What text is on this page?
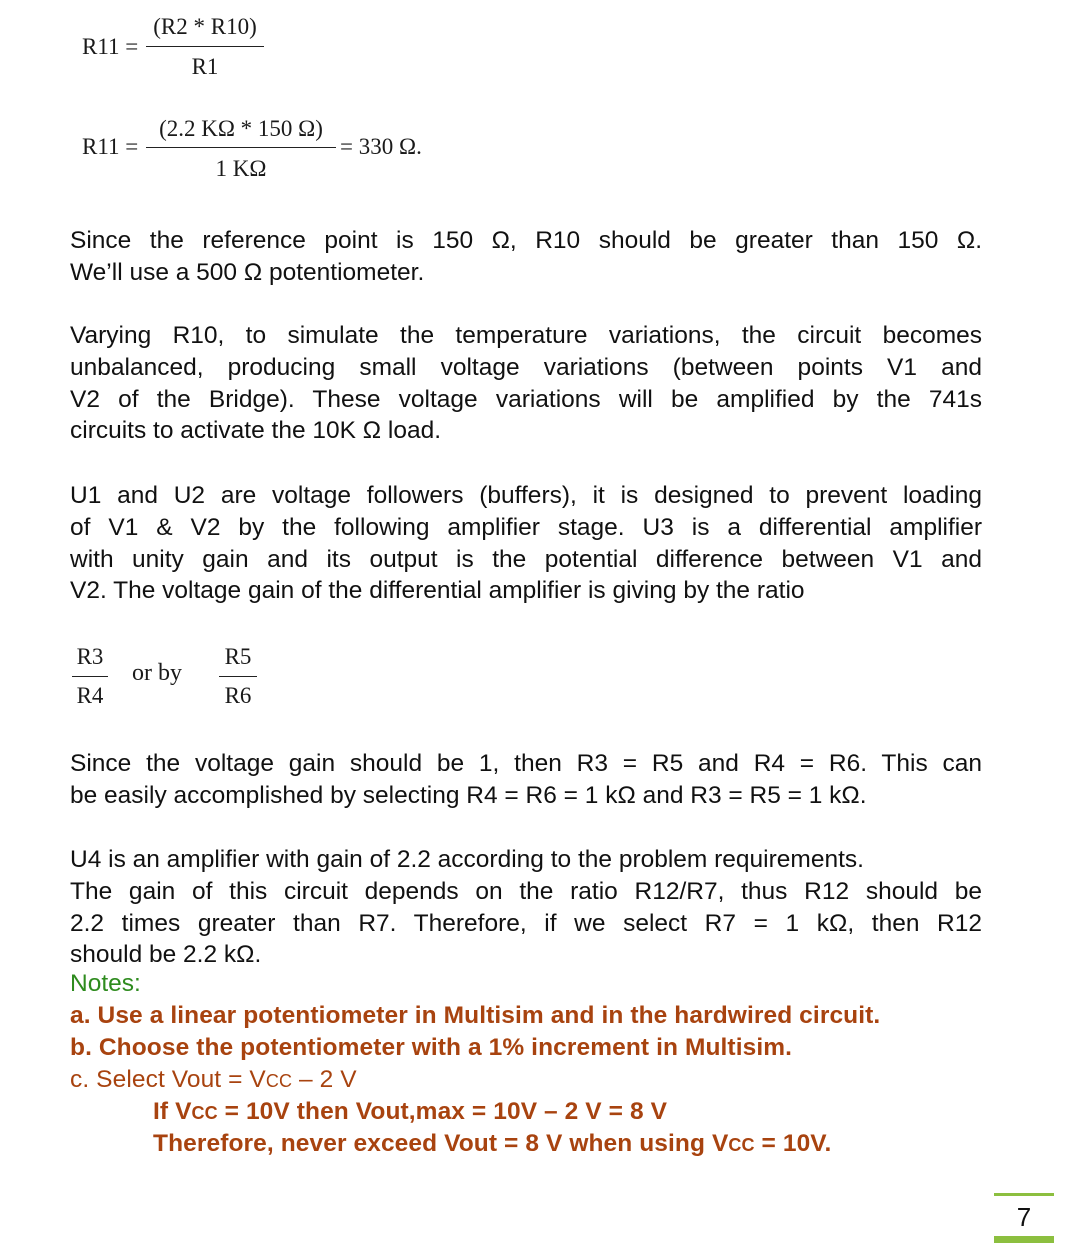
R11 =
(R2 * R10)
R1
R11 =
(2.2 KΩ * 150 Ω)
1 KΩ
= 330 Ω.
Since the reference point is 150 Ω, R10 should be greater than 150 Ω.
We’ll use a 500 Ω potentiometer.
Varying R10, to simulate the temperature variations, the circuit becomes
unbalanced, producing small voltage variations (between points V1 and
V2 of the Bridge). These voltage variations will be amplified by the 741s
circuits to activate the 10K Ω load.
U1 and U2 are voltage followers (buffers), it is designed to prevent loading
of V1 & V2 by the following amplifier stage. U3 is a differential amplifier
with unity gain and its output is the potential difference between V1 and
V2. The voltage gain of the differential amplifier is giving by the ratio
R3
R4
or by
R5
R6
Since the voltage gain should be 1, then R3 = R5 and R4 = R6. This can
be easily accomplished by selecting R4 = R6 = 1 kΩ and R3 = R5 = 1 kΩ.
U4 is an amplifier with gain of 2.2 according to the problem requirements.
The gain of this circuit depends on the ratio R12/R7, thus R12 should be
2.2 times greater than R7. Therefore, if we select R7 = 1 kΩ, then R12
should be 2.2 kΩ.
Notes:
a. Use a linear potentiometer in Multisim and in the hardwired circuit.
b. Choose the potentiometer with a 1% increment in Multisim.
c. Select Vout = VCC – 2 V
If VCC = 10V then Vout,max = 10V – 2 V = 8 V
Therefore, never exceed Vout = 8 V when using VCC = 10V.
7
